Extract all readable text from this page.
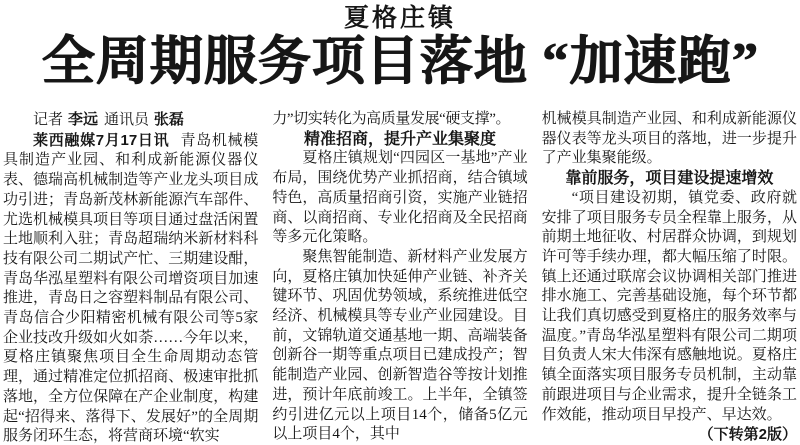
夏格庄镇
全周期服务项目落地 “加速跑”

记者 李远 通讯员 张磊

莱西融媒7月17日讯 青岛机械模具制造产业园、和利成新能源仪器仪表、德瑞高机械制造等产业龙头项目成功引进；青岛新茂林新能源汽车部件、尤选机械模具项目等项目通过盘活闲置土地顺利入驻；青岛超瑞纳米新材料科技有限公司二期试产忙、三期建设酣，青岛华泓星塑料有限公司增资项目加速推进，青岛日之容塑料制品有限公司、青岛信合少阳精密机械有限公司等5家企业技改升级如火如荼……今年以来，夏格庄镇聚焦项目全生命周期动态管理，通过精准定位抓招商、极速审批抓落地，全方位保障在产企业制度，构建起“招得来、落得下、发展好”的全周期服务闭环生态，将营商环境“软实

力”切实转化为高质量发展“硬支撑”。

精准招商，提升产业集聚度

夏格庄镇规划“四园区一基地”产业布局，围绕优势产业抓招商，结合镇域特色，高质量招商引资，实施产业链招商、以商招商、专业化招商及全民招商等多元化策略。

聚焦智能制造、新材料产业发展方向，夏格庄镇加快延伸产业链、补齐关键环节、巩固优势领域，系统推进低空经济、机械模具等专业产业园建设。目前，文锦轨道交通基地一期、高端装备创新谷一期等重点项目已建成投产；智能制造产业园、创新智造谷等按计划推进，预计年底前竣工。上半年，全镇签约引进亿元以上项目14个，储备5亿元以上项目4个，其中

机械模具制造产业园、和利成新能源仪器仪表等龙头项目的落地，进一步提升了产业集聚能级。

靠前服务，项目建设提速增效

“项目建设初期，镇党委、政府就安排了项目服务专员全程靠上服务，从前期土地征收、村居群众协调，到规划许可等手续办理，都大幅压缩了时限。镇上还通过联席会议协调相关部门推进排水施工、完善基础设施，每个环节都让我们真切感受到夏格庄的服务效率与温度。”青岛华泓星塑料有限公司二期项目负责人宋大伟深有感触地说。夏格庄镇全面落实项目服务专员机制，主动靠前跟进项目与企业需求，提升全链条工作效能，推动项目早投产、早达效。

（下转第2版）
